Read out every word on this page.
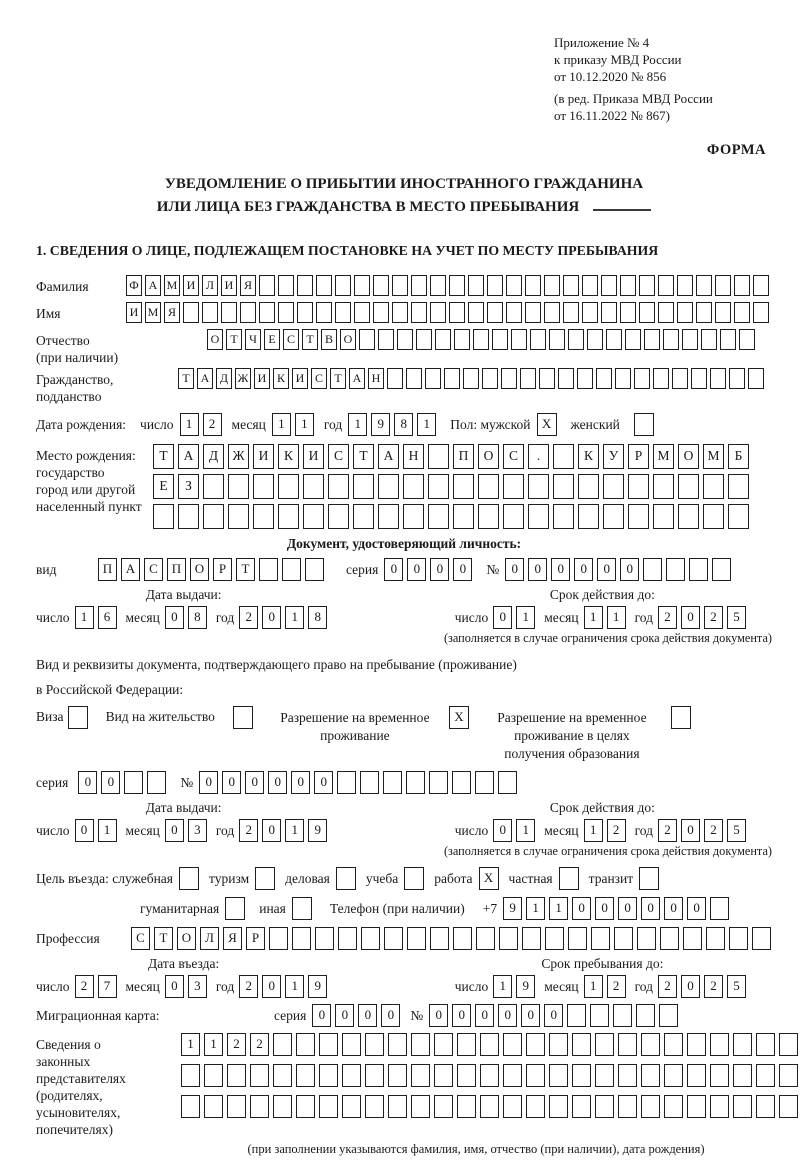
Приложение № 4
к приказу МВД России
от 10.12.2020 № 856
(в ред. Приказа МВД России
от 16.11.2022 № 867)
ФОРМА
УВЕДОМЛЕНИЕ О ПРИБЫТИИ ИНОСТРАННОГО ГРАЖДАНИНА
ИЛИ ЛИЦА БЕЗ ГРАЖДАНСТВА В МЕСТО ПРЕБЫВАНИЯ
1. СВЕДЕНИЯ О ЛИЦЕ, ПОДЛЕЖАЩЕМ ПОСТАНОВКЕ НА УЧЕТ ПО МЕСТУ ПРЕБЫВАНИЯ
Фамилия	Ф А М И Л И Я
Имя	И М Я
Отчество
(при наличии)
О Т Ч Е С Т В О
Гражданство,
подданство
Т А Д Ж И К И С Т А Н
Дата рождения: число 1	2	месяц 1	1	год 1	9	8	1	Пол: мужской X	женский
Место рождения:
государство
город или другой
населенный пункт
Т	А	Д	Ж	И	К	И	С	Т	А	Н	П	О	С	.	К	У	Р	М	О	М	Б
Е	З
Документ, удостоверяющий личность:
вид	П	А	С	П	О	Р	Т	серия 0	0	0	0	№ 0	0	0	0	0	0
Дата выдачи:
число 1	6	месяц 0	8	год 2	0	1	8
Срок действия до:
число 0	1	месяц 1	1	год 2	0	2	5
(заполняется в случае ограничения срока действия документа)
Вид и реквизиты документа, подтверждающего право на пребывание (проживание)
в Российской Федерации:
Виза	Вид на жительство	Разрешение на временное проживание
X	Разрешение на временное проживание в целях получения образования
серия	0	0	№ 0	0	0	0	0	0
Дата выдачи:
число 0	1	месяц 0	3	год 2	0	1	9
Срок действия до:
число 0	1	месяц 1	2	год 2	0	2	5
(заполняется в случае ограничения срока действия документа)
Цель въезда: служебная	туризм	деловая	учеба	работа X	частная	транзит
гуманитарная	иная	Телефон (при наличии) +7 9	1	1	0	0	0	0	0	0
Профессия	С	Т	О	Л	Я	Р
Дата въезда:
число 2	7	месяц 0	3	год 2	0	1	9
Срок пребывания до:
число 1	9	месяц 1	2	год 2	0	2	5
Миграционная карта:	серия 0	0	0	0	№ 0	0	0	0	0	0
Сведения о
законных
представителях
(родителях,
усыновителях,
попечителях)
1	1	2	2
(при заполнении указываются фамилия, имя, отчество (при наличии), дата рождения)
